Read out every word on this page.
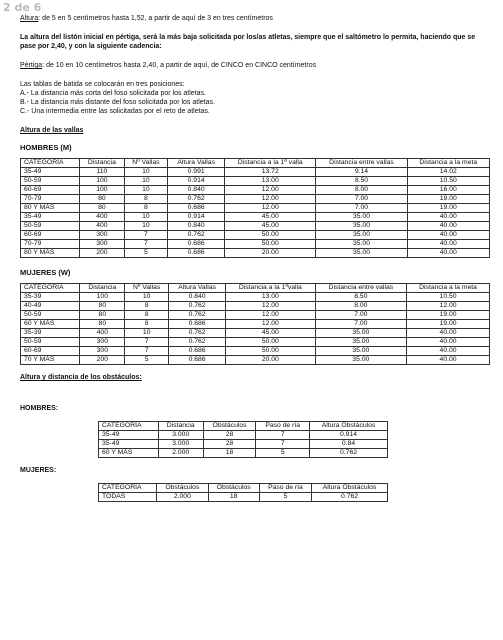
2 de 6

Altura: de 5 en 5 centímetros hasta 1,52, a partir de aquí de 3 en tres centímetros

La altura del listón inicial en pértiga, será la más baja solicitada por los/as atletas, siempre que el saltómetro lo permita, haciendo que se pase por 2,40, y con la siguiente cadencia:

Pértiga: de 10 en 10 centímetros hasta 2,40, a partir de aquí, de CINCO en CINCO centímetros

Las tablas de batida se colocarán en tres posiciones:

A.- La distancia más corta del foso solicitada por los atletas.

B.- La distancia más distante del foso solicitada por los atletas.

C.- Una intermedia entre las solicitadas por el reto de atletas.

Altura de las vallas

HOMBRES (M)

CATEGORÍA	Distancia	Nº Vallas	Altura Vallas	Distancia a la 1ª valla	Distancia entre vallas	Distancia a la meta
35-49	110	10	0.991	13.72	9.14	14.02
50-59	100	10	0.914	13.00	8.50	10.50
60-69	100	10	0.840	12.00	8.00	16.00
70-79	80	8	0.762	12.00	7.00	19.00
80 Y MÁS	80	8	0.686	12.00	7.00	19.00
35-49	400	10	0.914	45.00	35.00	40.00
50-59	400	10	0.840	45.00	35.00	40.00
60-69	300	7	0.762	50.00	35.00	40.00
70-79	300	7	0.686	50.00	35.00	40.00
80 Y MÁS	200	5	0.686	20.00	35.00	40.00

MUJERES (W)

CATEGORÍA	Distancia	Nº Vallas	Altura Vallas	Distancia a la 1ªvalla	Distancia entre vallas	Distancia a la meta
35-39	100	10	0.840	13.00	8.50	10.50
40-49	80	8	0.762	12.00	8.00	12.00
50-59	80	8	0.762	12.00	7.00	19.00
60 Y MÁS	80	8	0.686	12.00	7.00	19.00
35-39	400	10	0.762	45.00	35.00	40.00
50-59	300	7	0.762	50.00	35.00	40.00
60-69	300	7	0.686	50.00	35.00	40.00
70 Y MÁS	200	5	0.686	20.00	35.00	40.00

Altura y distancia de los obstáculos:

HOMBRES:

CATEGORÍA	Distancia	Obstáculos	Paso de ría	Altura Obstáculos
35-49	3.000	28	7	0.914
35-49	3.000	28	7	0.84
60 Y MÁS	2.000	18	5	0.762

MUJERES:

CATEGORÍA	Obstáculos	Obstáculos	Paso de ría	Altura Obstáculos
TODAS	2.000	18	5	0.762
